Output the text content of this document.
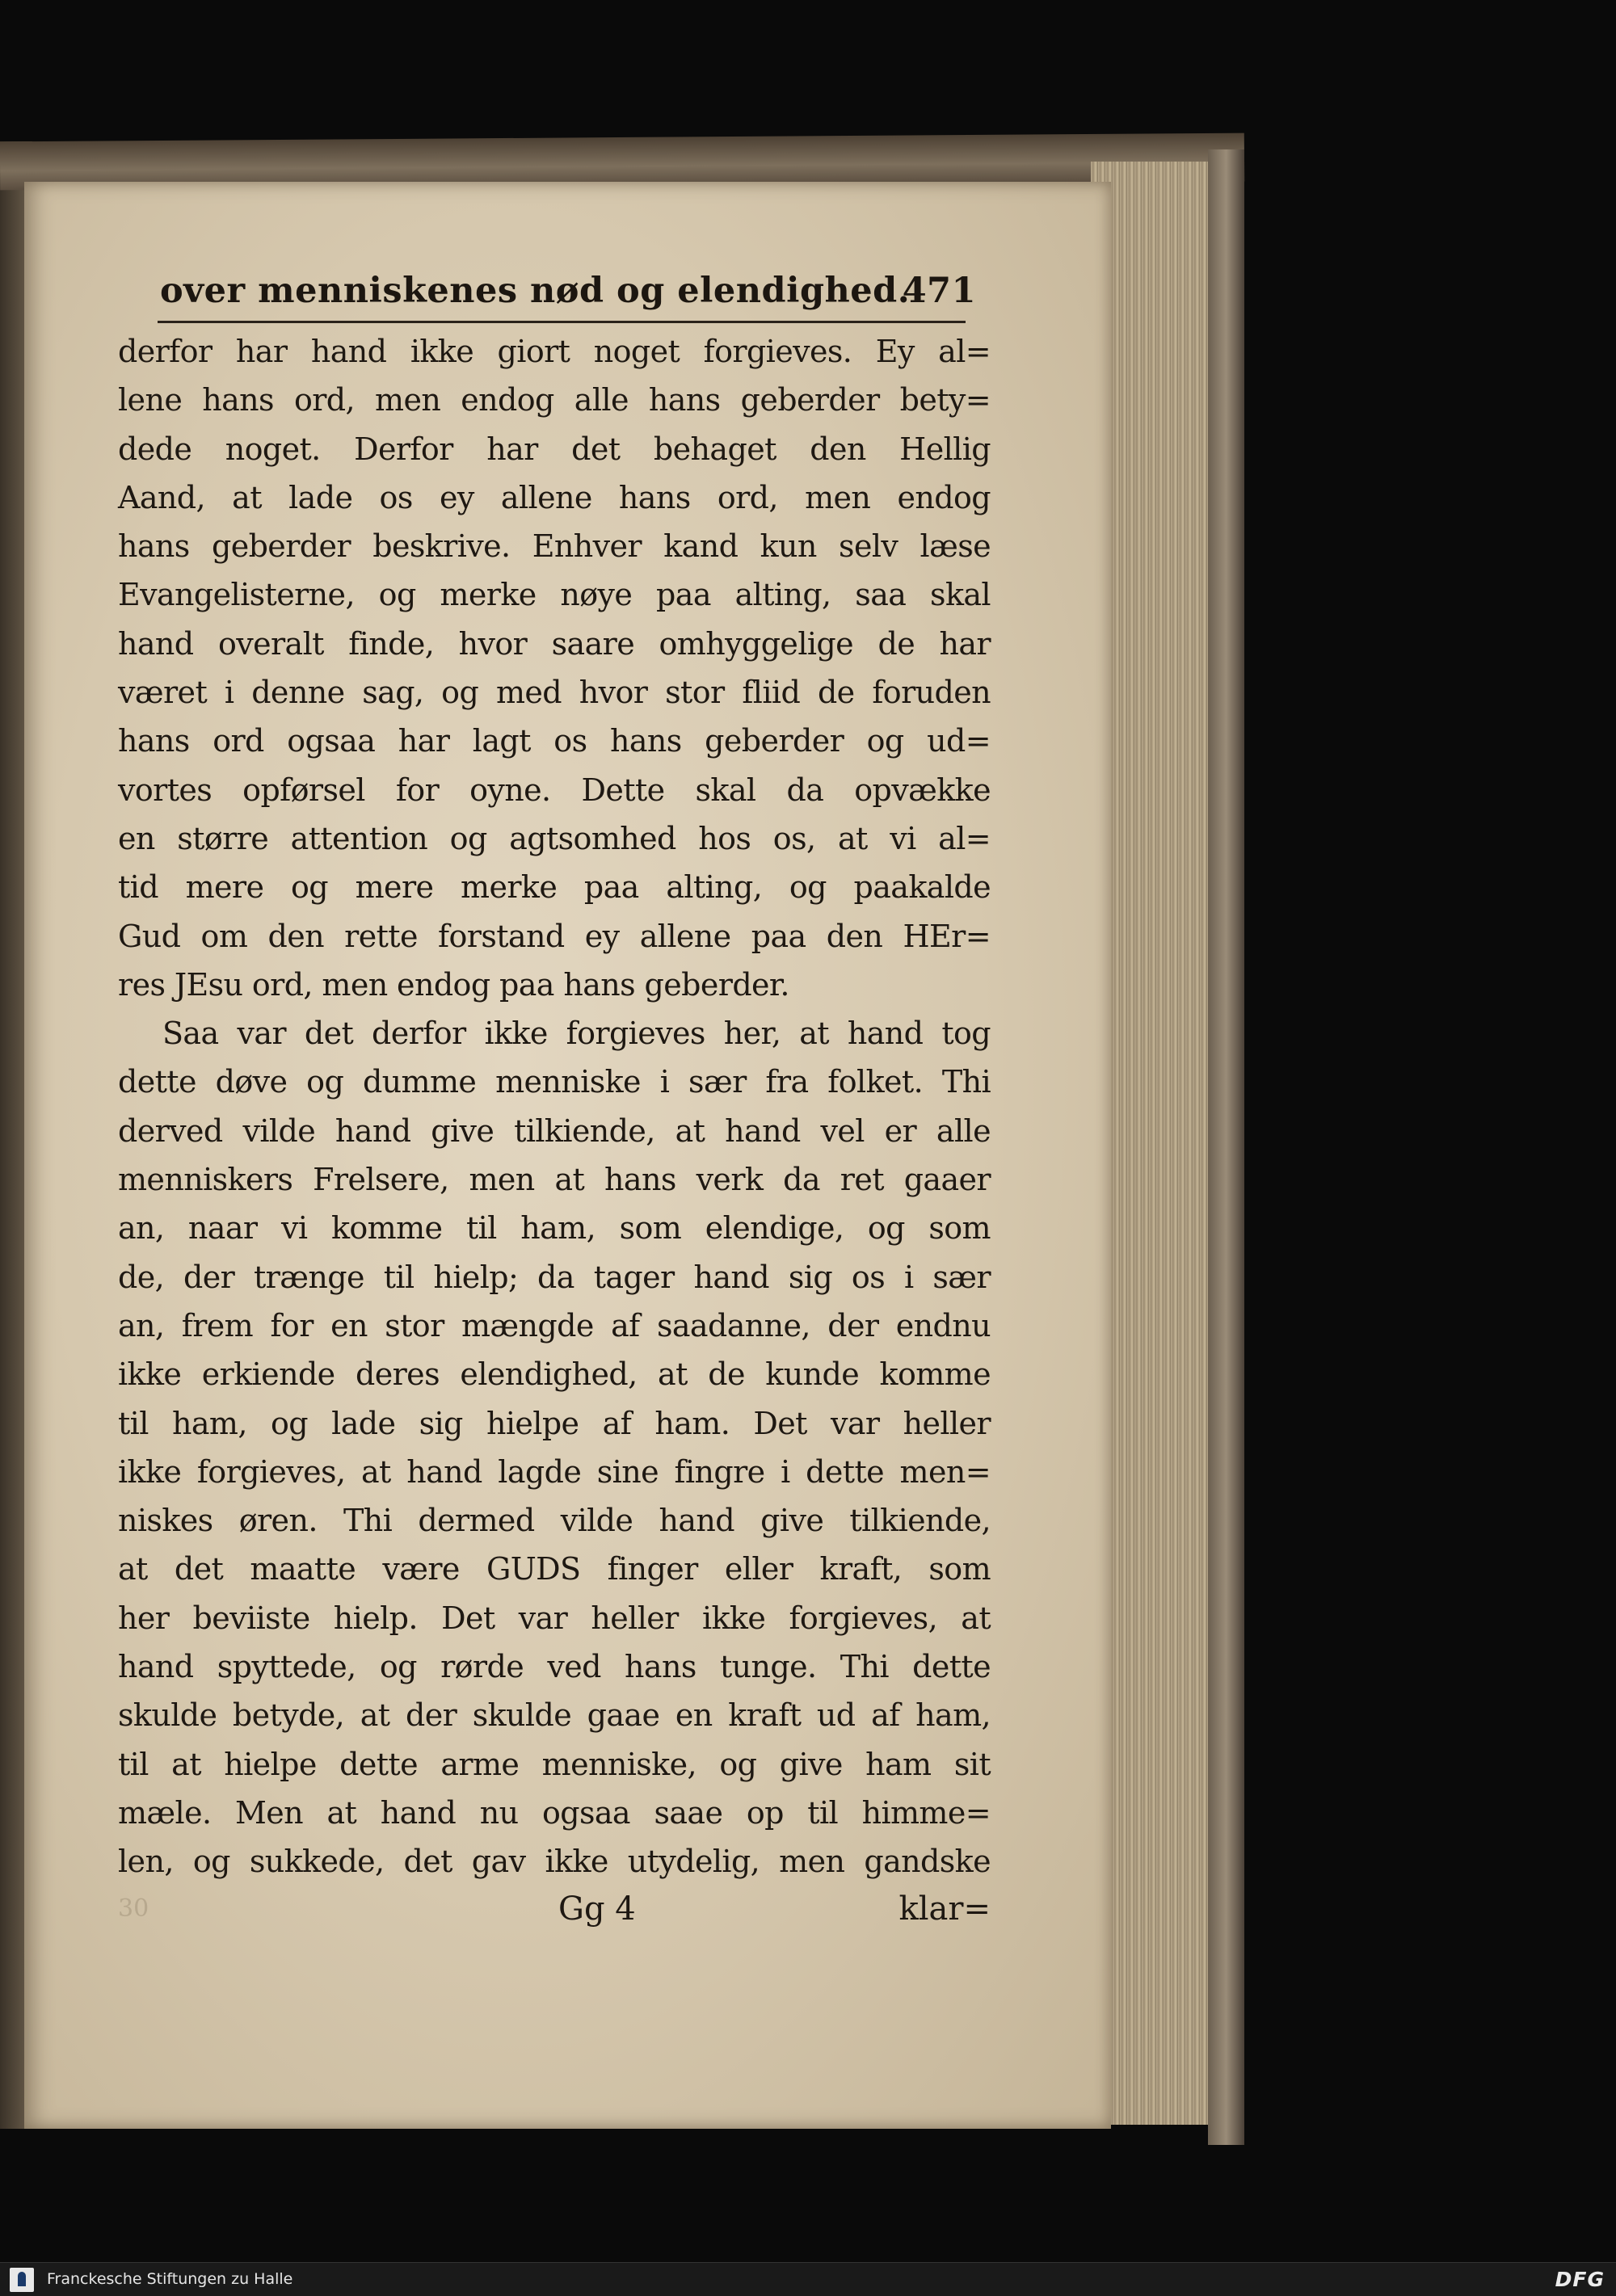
over menniskenes nød og elendighed.
471
derfor har hand ikke giort noget forgieves. Ey al=
lene hans ord, men endog alle hans geberder bety=
dede noget. Derfor har det behaget den Hellig
Aand, at lade os ey allene hans ord, men endog
hans geberder beskrive. Enhver kand kun selv læse
Evangelisterne, og merke nøye paa alting, saa skal
hand overalt finde, hvor saare omhyggelige de har
været i denne sag, og med hvor stor fliid de foruden
hans ord ogsaa har lagt os hans geberder og ud=
vortes opførsel for oyne. Dette skal da opvække
en større attention og agtsomhed hos os, at vi al=
tid mere og mere merke paa alting, og paakalde
Gud om den rette forstand ey allene paa den HEr=
res JEsu ord, men endog paa hans geberder.
Saa var det derfor ikke forgieves her, at hand tog
dette døve og dumme menniske i sær fra folket. Thi
derved vilde hand give tilkiende, at hand vel er alle
menniskers Frelsere, men at hans verk da ret gaaer
an, naar vi komme til ham, som elendige, og som
de, der trænge til hielp; da tager hand sig os i sær
an, frem for en stor mængde af saadanne, der endnu
ikke erkiende deres elendighed, at de kunde komme
til ham, og lade sig hielpe af ham. Det var heller
ikke forgieves, at hand lagde sine fingre i dette men=
niskes øren. Thi dermed vilde hand give tilkiende,
at det maatte være GUDS finger eller kraft, som
her beviiste hielp. Det var heller ikke forgieves, at
hand spyttede, og rørde ved hans tunge. Thi dette
skulde betyde, at der skulde gaae en kraft ud af ham,
til at hielpe dette arme menniske, og give ham sit
mæle. Men at hand nu ogsaa saae op til himme=
len, og sukkede, det gav ikke utydelig, men gandske
30	Gg 4	klar=
Franckesche Stiftungen zu Halle	DFG
